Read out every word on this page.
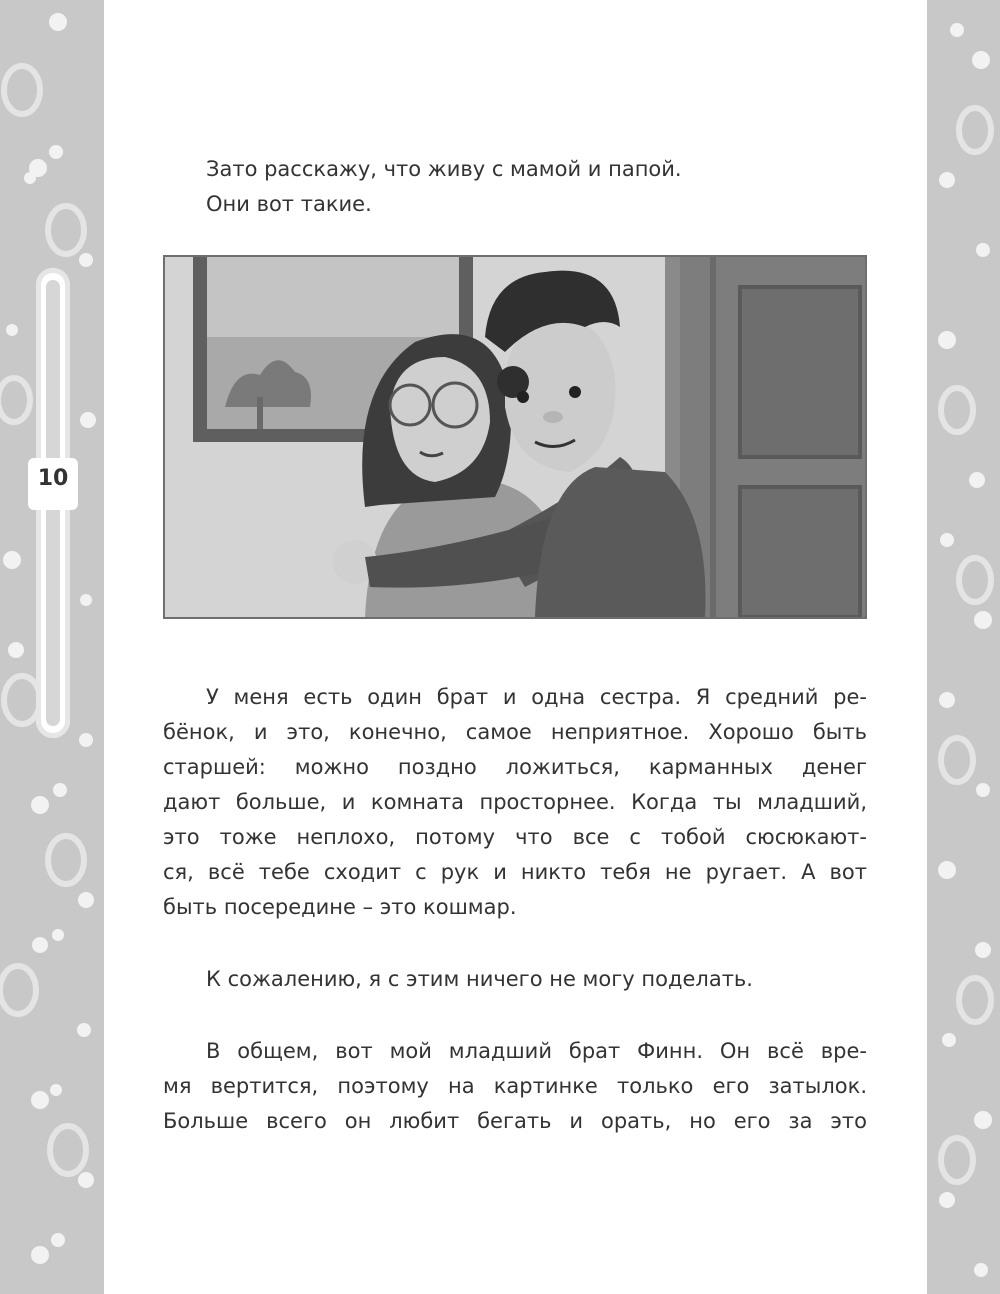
10
Зато расскажу, что живу с мамой и папой.
Они вот такие.
У меня есть один брат и одна сестра. Я средний ре-
бёнок, и это, конечно, самое неприятное. Хорошо быть
старшей: можно поздно ложиться, карманных денег
дают больше, и комната просторнее. Когда ты младший,
это тоже неплохо, потому что все с тобой сюсюкают-
ся, всё тебе сходит с рук и никто тебя не ругает. А вот
быть посередине – это кошмар.
К сожалению, я с этим ничего не могу поделать.
В общем, вот мой младший брат Финн. Он всё вре-
мя вертится, поэтому на картинке только его затылок.
Больше всего он любит бегать и орать, но его за это
